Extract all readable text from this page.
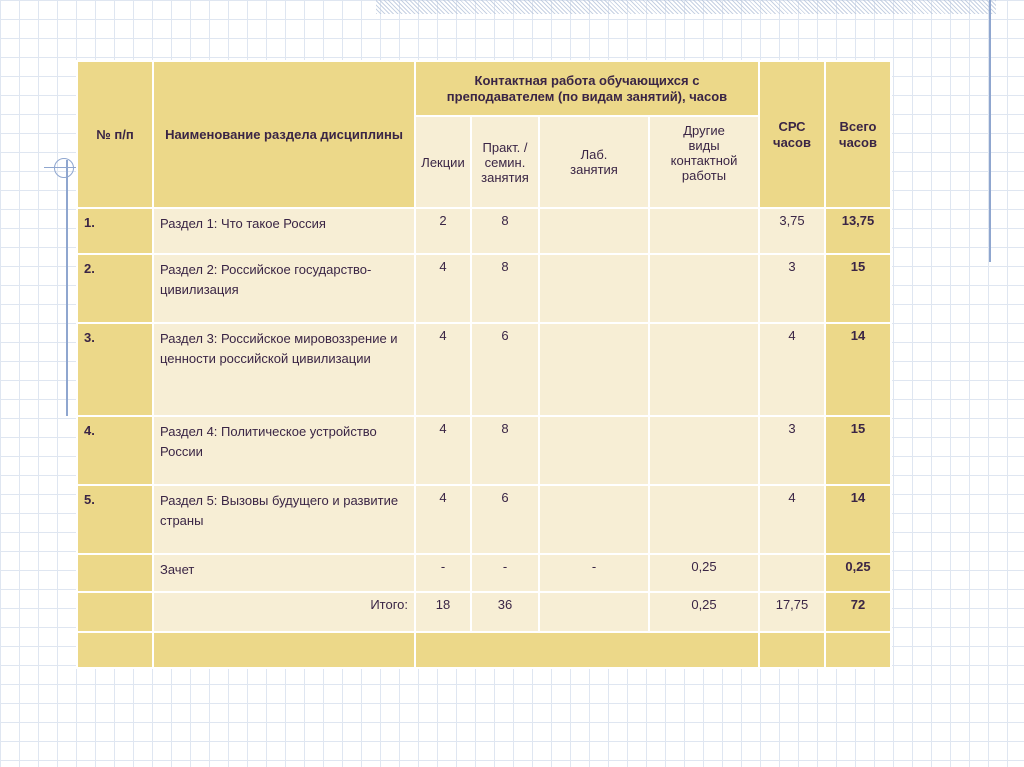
№ п/п	Наименование раздела дисциплины	Контактная работа обучающихся с преподавателем (по видам занятий), часов				СРС часов	Всего часов
		Лекции	Практ. / семин. занятия	Лаб. занятия	Другие виды контактной работы		
1.	Раздел 1: Что такое Россия	2	8			3,75	13,75
2.	Раздел 2: Российское государство-цивилизация	4	8			3	15
3.	Раздел 3: Российское мировоззрение и ценности российской цивилизации	4	6			4	14
4.	Раздел 4: Политическое устройство России	4	8			3	15
5.	Раздел 5: Вызовы будущего и развитие страны	4	6			4	14
	Зачет	-	-	-	0,25		0,25
	Итого:	18	36		0,25	17,75	72
